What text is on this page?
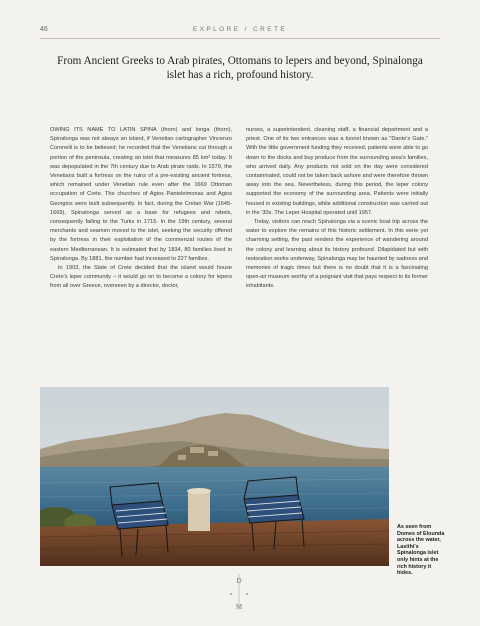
46	EXPLORE / CRETE
From Ancient Greeks to Arab pirates, Ottomans to lepers and beyond, Spinalonga islet has a rich, profound history.

OWING ITS NAME TO LATIN SPINA (thorn) and longa (thorn), Spinalonga was not always an island, if Venetian cartographer Vincenzo Coronelli is to be believed; he recorded that the Venetians cut through a portion of the peninsula, creating an islet that measures 85 km² today. It was depopulated in the 7th century due to Arab pirate raids. In 1579, the Venetians built a fortress on the ruins of a pre-existing ancient fortress, which remained under Venetian rule even after the 1669 Ottoman occupation of Crete. The churches of Agios Panteleimonas and Agios Georgios were built subsequently. In fact, during the Cretan War (1645-1669), Spinalonga served as a base for refugees and rebels, consequently falling to the Turks in 1715. In the 19th century, several merchants and seamen moved to the islet, seeking the security offered by the fortress in their exploitation of the commercial routes of the eastern Mediterranean. It is estimated that by 1834, 80 families lived in Spinalonga. By 1881, the number had increased to 227 families.

In 1903, the State of Crete decided that the island would house Crete's leper community – it would go on to become a colony for lepers from all over Greece, overseen by a director, doctor,

nurses, a superintendent, cleaning staff, a financial department and a priest. One of its two entrances was a tunnel known as "Dante's Gate." With the little government funding they received, patients were able to go down to the docks and buy produce from the surrounding area's families, who arrived daily. Any products not sold on the day were considered contaminated, could not be taken back ashore and were therefore thrown away into the sea. Nevertheless, during this period, the leper colony supported the economy of the surrounding area. Patients were initially housed in existing buildings, while additional construction was carried out in the '30s. The Leper Hospital operated until 1957.

Today, visitors can reach Spinalonga via a scenic boat trip across the water to explore the remains of this historic settlement. In this eerie yet charming setting, the past renders the experience of wandering around the colony and learning about its history profound. Dilapidated but with restoration works underway, Spinalonga may be haunted by sadness and memories of tragic times but there is no doubt that it is a fascinating open-air museum worthy of a poignant visit that pays respect to its former inhabitants.

As seen from Domes of Elounda across the water, Lasithi's Spinalonga islet only hints at the rich history it hides.
D
M
